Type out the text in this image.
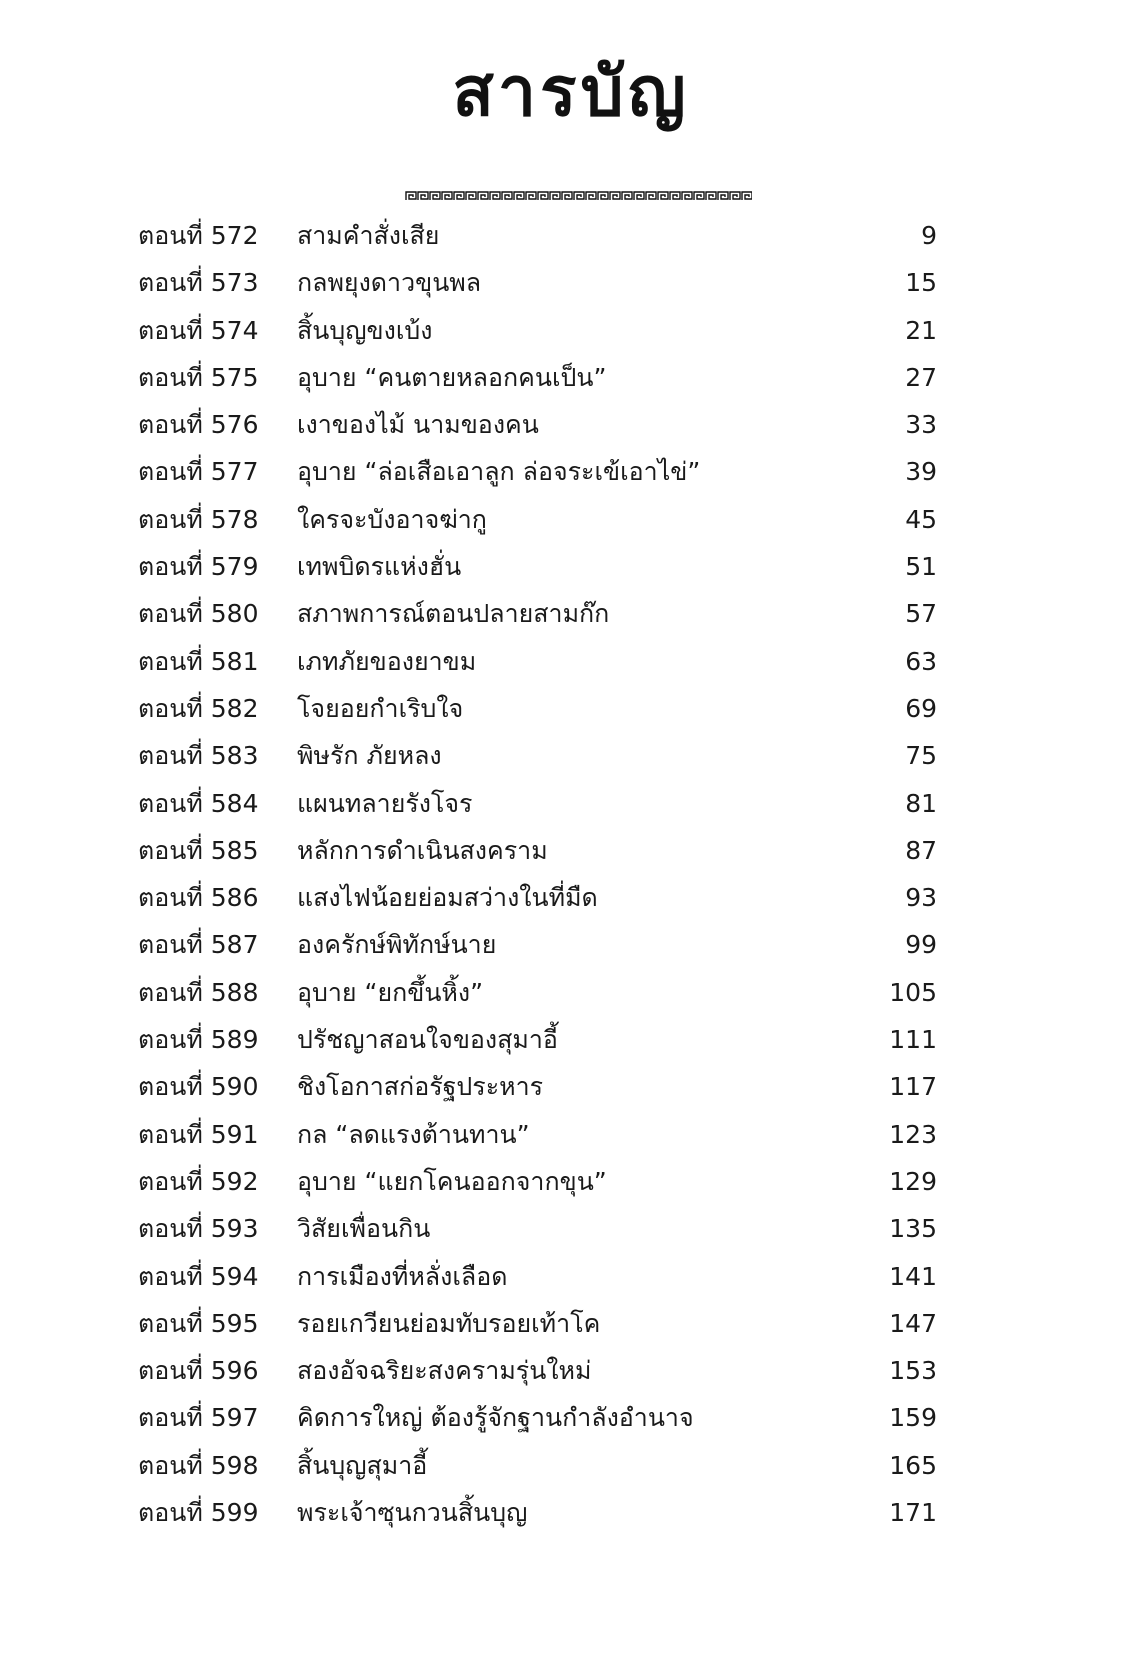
สารบัญ
ตอนที่ 572 สามคำสั่งเสีย	9
ตอนที่ 573 กลพยุงดาวขุนพล	15
ตอนที่ 574 สิ้นบุญขงเบ้ง	21
ตอนที่ 575 อุบาย “คนตายหลอกคนเป็น”	27
ตอนที่ 576 เงาของไม้ นามของคน	33
ตอนที่ 577 อุบาย “ล่อเสือเอาลูก ล่อจระเข้เอาไข่”	39
ตอนที่ 578 ใครจะบังอาจฆ่ากู	45
ตอนที่ 579 เทพบิดรแห่งฮั่น	51
ตอนที่ 580 สภาพการณ์ตอนปลายสามก๊ก	57
ตอนที่ 581 เภทภัยของยาขม	63
ตอนที่ 582 โจยอยกำเริบใจ	69
ตอนที่ 583 พิษรัก ภัยหลง	75
ตอนที่ 584 แผนทลายรังโจร	81
ตอนที่ 585 หลักการดำเนินสงคราม	87
ตอนที่ 586 แสงไฟน้อยย่อมสว่างในที่มืด	93
ตอนที่ 587 องครักษ์พิทักษ์นาย	99
ตอนที่ 588 อุบาย “ยกขึ้นหิ้ง”	105
ตอนที่ 589 ปรัชญาสอนใจของสุมาอี้	111
ตอนที่ 590 ชิงโอกาสก่อรัฐประหาร	117
ตอนที่ 591 กล “ลดแรงต้านทาน”	123
ตอนที่ 592 อุบาย “แยกโคนออกจากขุน”	129
ตอนที่ 593 วิสัยเพื่อนกิน	135
ตอนที่ 594 การเมืองที่หลั่งเลือด	141
ตอนที่ 595 รอยเกวียนย่อมทับรอยเท้าโค	147
ตอนที่ 596 สองอัจฉริยะสงครามรุ่นใหม่	153
ตอนที่ 597 คิดการใหญ่ ต้องรู้จักฐานกำลังอำนาจ	159
ตอนที่ 598 สิ้นบุญสุมาอี้	165
ตอนที่ 599 พระเจ้าซุนกวนสิ้นบุญ	171
